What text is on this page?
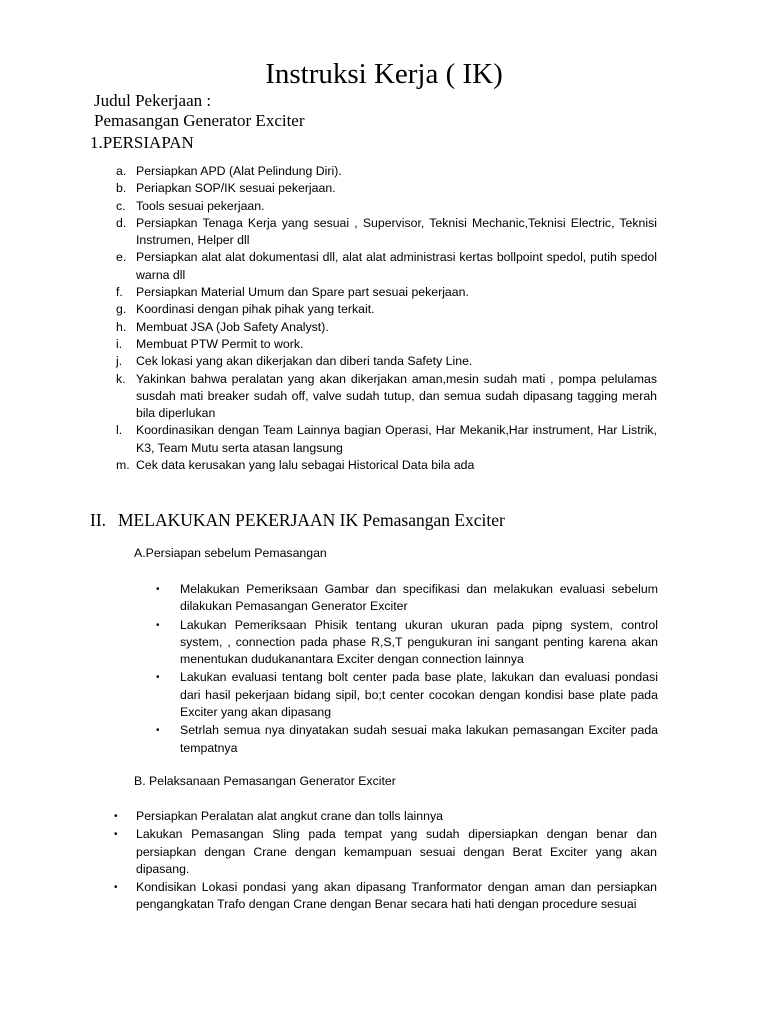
Instruksi Kerja ( IK)
Judul Pekerjaan :
Pemasangan Generator Exciter
1.PERSIAPAN
a. Persiapkan APD (Alat Pelindung Diri).
b. Periapkan SOP/IK sesuai pekerjaan.
c. Tools sesuai pekerjaan.
d. Persiapkan Tenaga Kerja yang sesuai , Supervisor, Teknisi Mechanic,Teknisi Electric, Teknisi Instrumen, Helper dll
e. Persiapkan alat alat dokumentasi dll, alat alat administrasi kertas bollpoint spedol, putih spedol warna dll
f. Persiapkan Material Umum dan Spare part sesuai pekerjaan.
g. Koordinasi dengan pihak pihak yang terkait.
h. Membuat JSA (Job Safety Analyst).
i. Membuat PTW Permit to work.
j. Cek lokasi yang akan dikerjakan dan diberi tanda Safety Line.
k. Yakinkan bahwa peralatan yang akan dikerjakan aman,mesin sudah mati , pompa pelulamas susdah mati breaker sudah off, valve sudah tutup, dan semua sudah dipasang tagging merah bila diperlukan
l. Koordinasikan dengan Team Lainnya bagian Operasi, Har Mekanik,Har instrument, Har Listrik, K3, Team Mutu serta atasan langsung
m. Cek data kerusakan yang lalu sebagai Historical Data bila ada
II. MELAKUKAN PEKERJAAN IK Pemasangan Exciter
A.Persiapan sebelum Pemasangan
• Melakukan Pemeriksaan Gambar dan specifikasi dan melakukan evaluasi sebelum dilakukan Pemasangan Generator Exciter
• Lakukan Pemeriksaan Phisik tentang ukuran ukuran pada pipng system, control system, , connection pada phase R,S,T pengukuran ini sangant penting karena akan menentukan dudukanantara Exciter dengan connection lainnya
• Lakukan evaluasi tentang bolt center pada base plate, lakukan dan evaluasi pondasi dari hasil pekerjaan bidang sipil, bo;t center cocokan dengan kondisi base plate pada Exciter yang akan dipasang
• Setrlah semua nya dinyatakan sudah sesuai maka lakukan pemasangan Exciter pada tempatnya
B. Pelaksanaan Pemasangan Generator Exciter
• Persiapkan Peralatan alat angkut crane dan tolls lainnya
• Lakukan Pemasangan Sling pada tempat yang sudah dipersiapkan dengan benar dan persiapkan dengan Crane dengan kemampuan sesuai dengan Berat Exciter yang akan dipasang.
• Kondisikan Lokasi pondasi yang akan dipasang Tranformator dengan aman dan persiapkan pengangkatan Trafo dengan Crane dengan Benar secara hati hati dengan procedure sesuai
